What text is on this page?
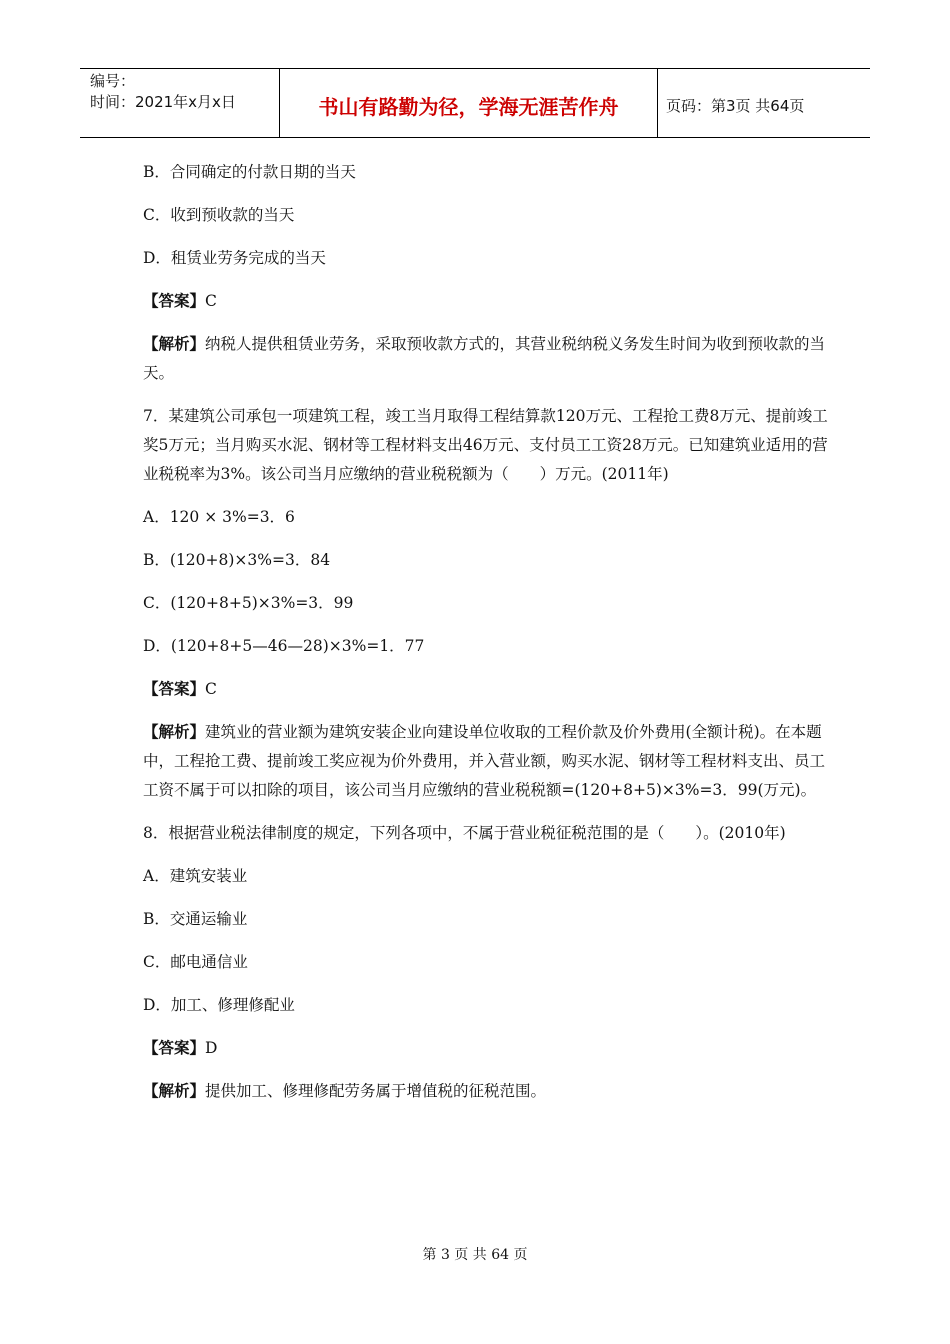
编号：
时间：2021年x月x日	书山有路勤为径，学海无涯苦作舟	页码：第3页 共64页

B．合同确定的付款日期的当天

C．收到预收款的当天

D．租赁业劳务完成的当天

【答案】C

【解析】纳税人提供租赁业劳务，采取预收款方式的，其营业税纳税义务发生时间为收到预收款的当天。

7．某建筑公司承包一项建筑工程，竣工当月取得工程结算款120万元、工程抢工费8万元、提前竣工奖5万元；当月购买水泥、钢材等工程材料支出46万元、支付员工工资28万元。已知建筑业适用的营业税税率为3%。该公司当月应缴纳的营业税税额为（　　）万元。(2011年)

A．120 × 3%=3．6

B．(120+8)×3%=3．84

C．(120+8+5)×3%=3．99

D．(120+8+5—46—28)×3%=1．77

【答案】C

【解析】建筑业的营业额为建筑安装企业向建设单位收取的工程价款及价外费用(全额计税)。在本题中，工程抢工费、提前竣工奖应视为价外费用，并入营业额，购买水泥、钢材等工程材料支出、员工工资不属于可以扣除的项目，该公司当月应缴纳的营业税税额=(120+8+5)×3%=3．99(万元)。

8．根据营业税法律制度的规定，下列各项中，不属于营业税征税范围的是（　　）。(2010年)

A．建筑安装业

B．交通运输业

C．邮电通信业

D．加工、修理修配业

【答案】D

【解析】提供加工、修理修配劳务属于增值税的征税范围。

第 3 页 共 64 页
